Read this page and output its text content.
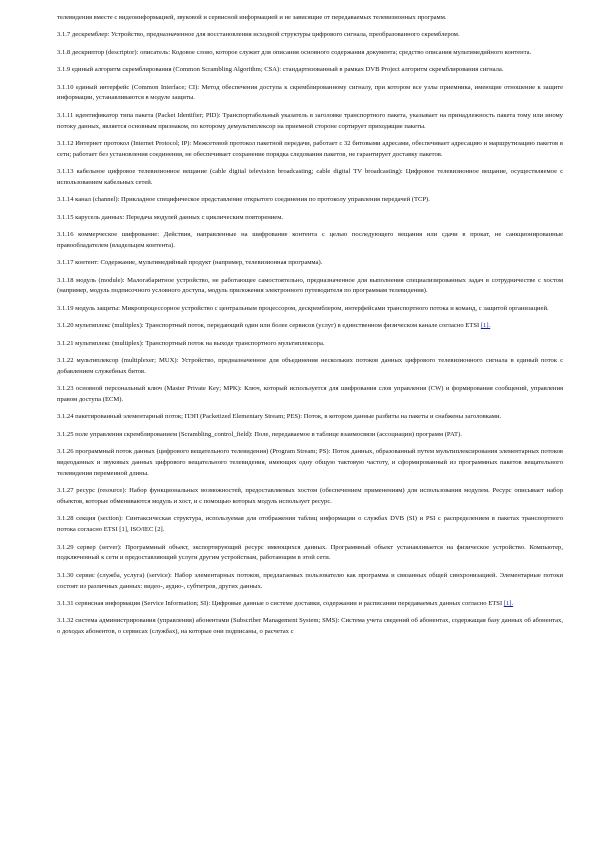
телевидения вместе с видеоинформацией, звуковой и сервисной информацией и не зависящие от передаваемых телевизионных программ.

3.1.7 дескремблер: Устройство, предназначенное для восстановления исходной структуры цифрового сигнала, преобразованного скремблером.

3.1.8 дескриптор (descriptor): описатель: Кодовое слово, которое служит для описания основного содержания документа; средство описания мультимедийного контента.

3.1.9 единый алгоритм скремблирования (Common Scrambling Algorithm; CSA): стандартизованный в рамках DVB Project алгоритм скремблирования сигнала.

3.1.10 единый интерфейс (Common Interface; CI): Метод обеспечения доступа к скремблированному сигналу, при котором все узлы приемника, имеющие отношение к защите информации, устанавливаются в модуле защиты.

3.1.11 идентификатор типа пакета (Packet Identifier; PID): Транспортабельный указатель в заголовке транспортного пакета, указывает на принадлежность пакета тому или иному потоку данных, является основным признаком, по которому демультиплексор на приемной стороне сортирует приходящие пакеты.

3.1.12 Интернет протокол (Internet Protocol; IP): Межсетевой протокол пакетной передачи, работает с 32 битовыми адресами, обеспечивает адресацию и маршрутизацию пакетов в сети; работает без установления соединения, не обеспечивает сохранение порядка следования пакетов, не гарантирует доставку пакетов.

3.1.13 кабельное цифровое телевизионное вещание (cable digital television broadcasting; cable digital TV broadcasting): Цифровое телевизионное вещание, осуществляемое с использованием кабельных сетей.

3.1.14 канал (channel): Прикладное специфическое представление открытого соединения по протоколу управления передачей (TCP).

3.1.15 карусель данных: Передача модулей данных с циклическим повторением.

3.1.16 коммерческое шифрование: Действия, направленные на шифрование контента с целью последующего вещания или сдачи в прокат, не санкционированные правообладателем (владельцем контента).

3.1.17 контент: Содержание, мультимедийный продукт (например, телевизионная программа).

3.1.18 модуль (module): Малогабаритное устройство, не работающее самостоятельно, предназначенное для выполнения специализированных задач в сотрудничестве с хостом (например, модуль подписочного условного доступа, модуль приложения электронного путеводителя по программам телевидения).

3.1.19 модуль защиты: Микропроцессорное устройство с центральным процессором, дескремблером, интерфейсами транспортного потока и команд, с защитой организацией.

3.1.20 мультиплекс (multiplex): Транспортный поток, передающий один или более сервисов (услуг) в единственном физическом канале согласно ETSI [1].

3.1.21 мультиплекс (multiplex): Транспортный поток на выходе транспортного мультиплексора.

3.1.22 мультиплексор (multiplexer; MUX): Устройство, предназначенное для объединения нескольких потоков данных цифрового телевизионного сигнала в единый поток с добавлением служебных битов.

3.1.23 основной персональный ключ (Master Private Key; MPK): Ключ, который используется для шифрования слов управления (CW) и формирования сообщений, управления правом доступа (ECM).

3.1.24 пакетированный элементарный поток; ПЭП (Packetized Elementary Stream; PES): Поток, в котором данные разбиты на пакеты и снабжены заголовками.

3.1.25 поле управления скремблированием (Scrambling_control_field): Поле, передаваемое в таблице взаимосвязи (ассоциации) программ (PAT).

3.1.26 программный поток данных (цифрового вещательного телевидения) (Program Stream; PS): Поток данных, образованный путем мультиплексирования элементарных потоков видеоданных и звуковых данных цифрового вещательного телевидения, имеющих одну общую тактовую частоту, и сформированный из программных пакетов вещательного телевидения переменной длины.

3.1.27 ресурс (resource): Набор функциональных возможностей, предоставляемых хостом (обеспечением применениям) для использования модулем. Ресурс описывает набор объектов, которые обмениваются модуль и хост, и с помощью которых модуль использует ресурс.

3.1.28 секция (section): Синтаксическая структура, используемая для отображения таблиц информации о службах DVB (SI) и PSI с распределением в пакетах транспортного потока согласно ETSI [1], ISO/IEC [2].

3.1.29 сервер (server): Программный объект, экспортирующий ресурс имеющихся данных. Программный объект устанавливается на физическое устройство. Компьютер, подключенный к сети и предоставляющий услуги другим устройствам, работающим в этой сети.

3.1.30 сервис (служба, услуга) (service): Набор элементарных потоков, предлагаемых пользователю как программа и связанных общей синхронизацией. Элементарные потоки состоят из различных данных: видео-, аудио-, субтитров, других данных.

3.1.31 сервисная информация (Service Information; SI): Цифровые данные о системе доставки, содержании и расписании передаваемых данных согласно ETSI [1].

3.1.32 система администрирования (управления) абонентами (Subscriber Management System; SMS): Система учета сведений об абонентах, содержащая базу данных об абонентах, о доходах абонентов, о сервисах (службах), на которые они подписаны, о расчетах с
